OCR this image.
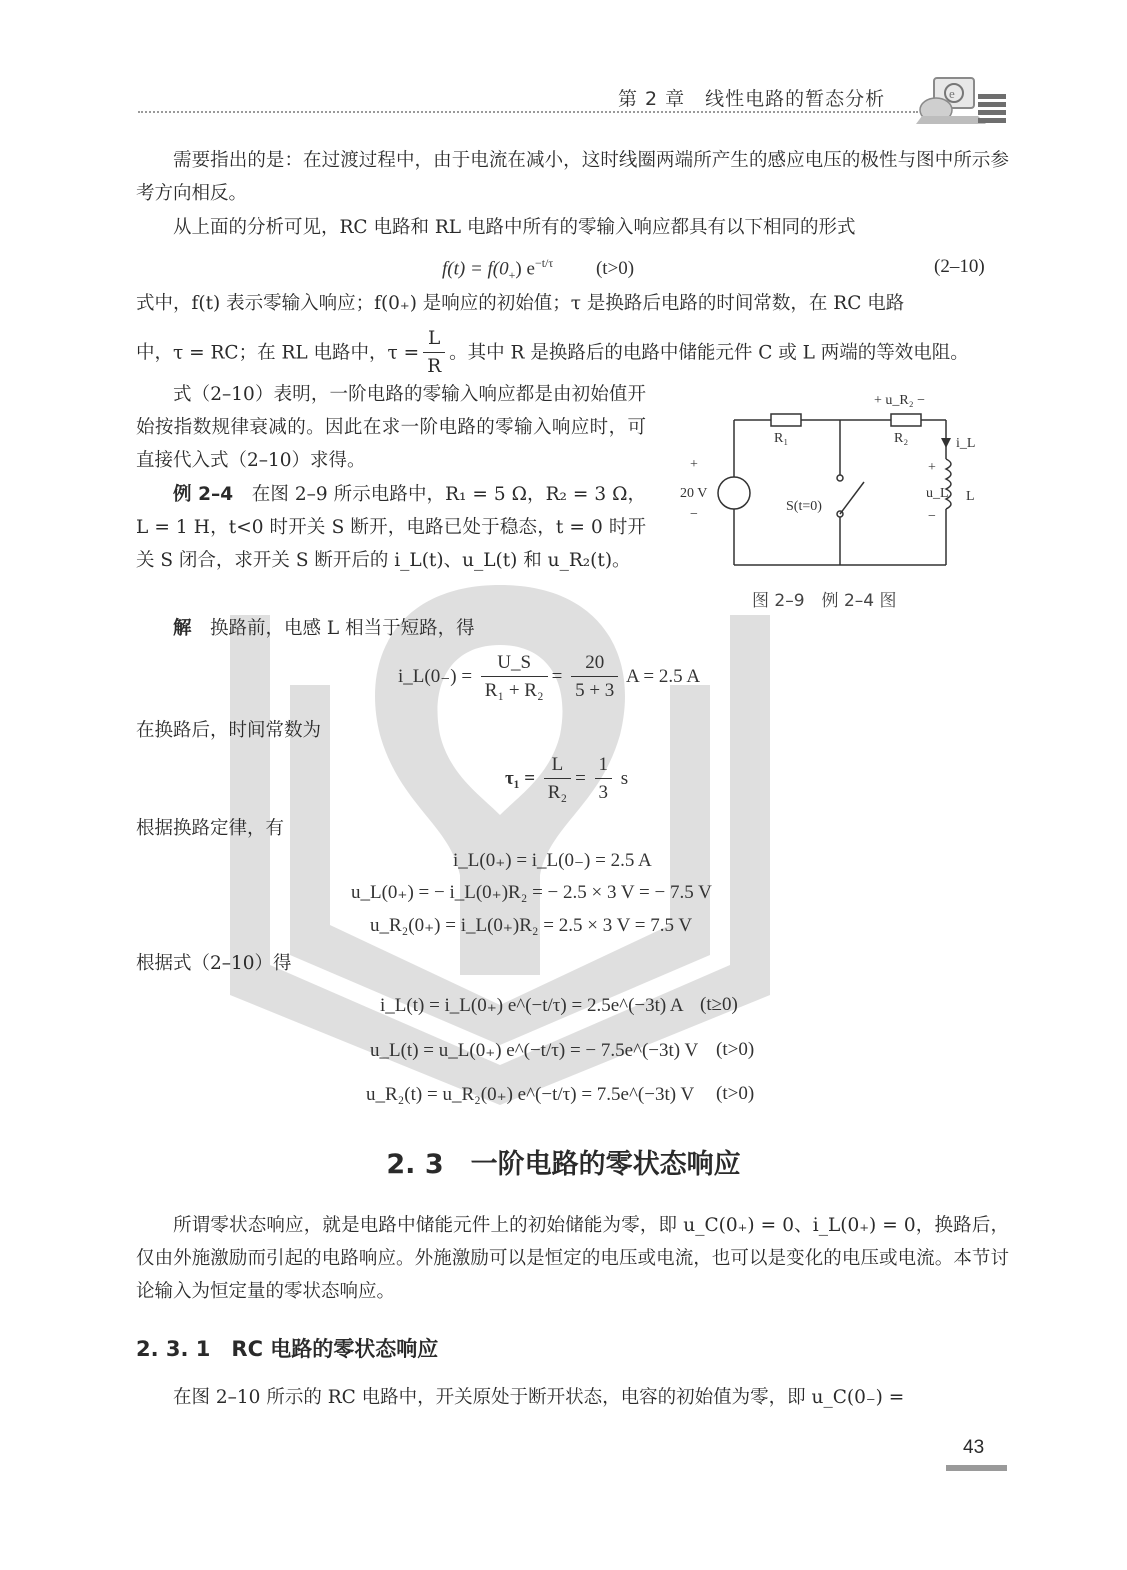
第 2 章　线性电路的暂态分析	e

需要指出的是：在过渡过程中，由于电流在减小，这时线圈两端所产生的感应电压的极性与图中所示参考方向相反。

从上面的分析可见，RC 电路和 RL 电路中所有的零输入响应都具有以下相同的形式

$f(t) = f(0_+)$ $e^{-t/\tau}$ (t>0)	(2–10)

式中，f(t) 表示零输入响应；f(0₊) 是响应的初始值；τ 是换路后电路的时间常数，在 RC 电路

中，τ = RC；在 RL 电路中，$\tau = \frac{L}{R}$ 。其中 R 是换路后的电路中储能元件 C 或 L 两端的等效电阻。

式（2–10）表明，一阶电路的零输入响应都是由初始值开始按指数规律衰减的。因此在求一阶电路的零输入响应时，可直接代入式（2–10）求得。

例 2–4　 在图 2–9 所示电路中，R₁ = 5 Ω，R₂ = 3 Ω，L = 1 H，t<0 时开关 S 断开，电路已处于稳态，t = 0 时开关 S 闭合，求开关 S 断开后的 i_L(t)、u_L(t) 和 u_R₂(t)。

解　 换路前，电感 L 相当于短路，得

R₁	R₂
+ u_R₂ −
i_L
u_L L
+
−
20 V
+
−
S(t=0)
图 2–9　例 2–4 图
i_L(0₋) = $\frac{U\_S}{\text{R₁ + R₂}} = \frac{20}{5 + 3}$ A = 2.5 A

在换路后，时间常数为

$\tau_1 = \frac{L}{\text{R₂}} = \frac{1}{3}$ s

根据换路定律，有

i_L(0₊) = i_L(0₋) = 2.5 A
u_L(0₊) = − i_L(0₊)R₂ = − 2.5 × 3 V = − 7.5 V
u_R₂(0₊) = i_L(0₊)R₂ = 2.5 × 3 V = 7.5 V

根据式（2–10）得

i_L(t) = i_L(0₊) e^(−t/τ) = 2.5e^(−3t) A (t≥0)
u_L(t) = u_L(0₊) e^(−t/τ) = − 7.5e^(−3t) V (t>0)
u_R₂(t) = u_R₂(0₊) e^(−t/τ) = 7.5e^(−3t) V (t>0)
2. 3　一阶电路的零状态响应

所谓零状态响应，就是电路中储能元件上的初始储能为零，即 u_C(0₊) = 0、i_L(0₊) = 0，换路后，仅由外施激励而引起的电路响应。外施激励可以是恒定的电压或电流，也可以是变化的电压或电流。本节讨论输入为恒定量的零状态响应。

2. 3. 1　RC 电路的零状态响应

在图 2–10 所示的 RC 电路中，开关原处于断开状态，电容的初始值为零，即 u_C(0₋) =

43
